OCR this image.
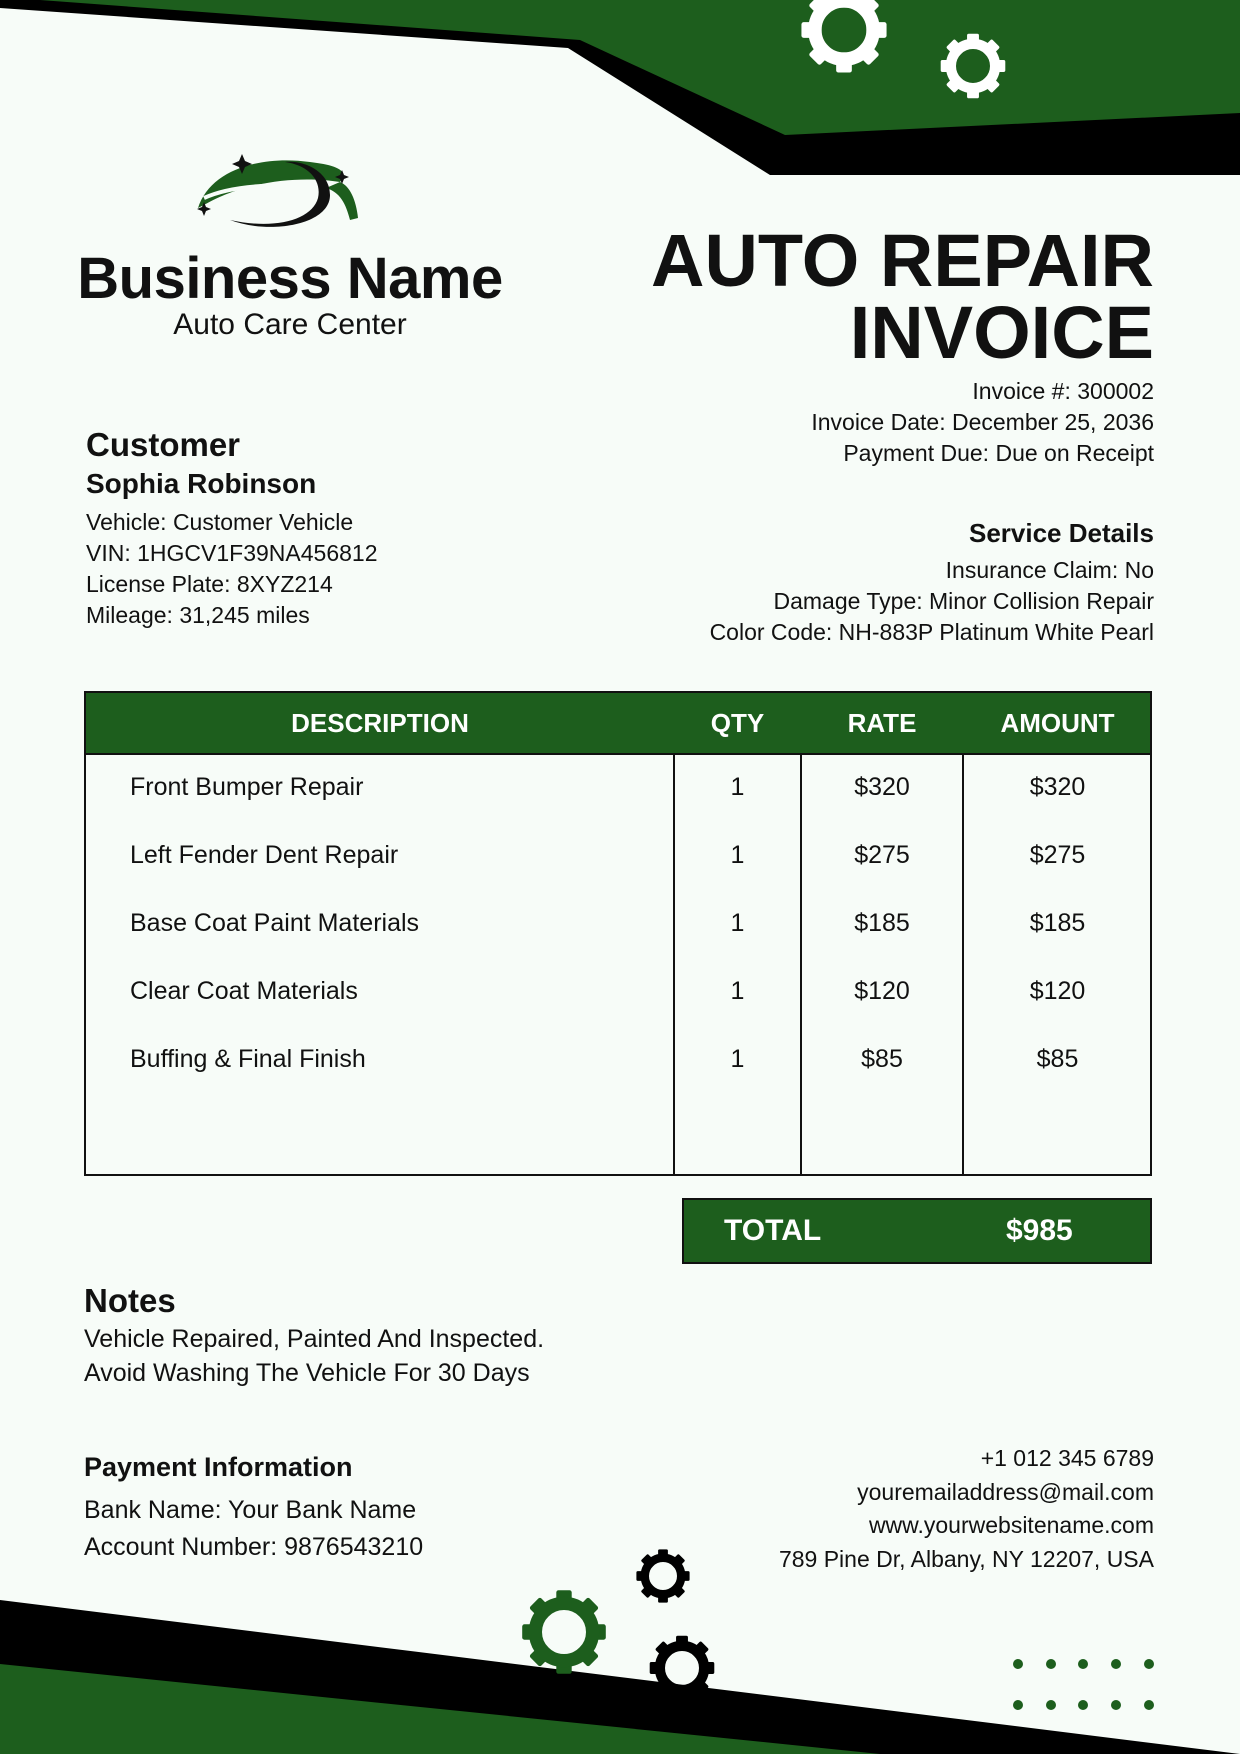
Business Name
Auto Care Center
AUTO REPAIR
INVOICE
Invoice #: 300002
Invoice Date: December 25, 2036
Payment Due: Due on Receipt
Customer
Sophia Robinson
Vehicle: Customer Vehicle
VIN: 1HGCV1F39NA456812
License Plate: 8XYZ214
Mileage: 31,245 miles
Service Details
Insurance Claim: No
Damage Type: Minor Collision Repair
Color Code: NH-883P Platinum White Pearl
DESCRIPTION	QTY	RATE	AMOUNT
Front Bumper Repair	1	$320	$320
Left Fender Dent Repair	1	$275	$275
Base Coat Paint Materials	1	$185	$185
Clear Coat Materials	1	$120	$120
Buffing & Final Finish	1	$85	$85
TOTAL	$985
Notes
Vehicle Repaired, Painted And Inspected.
Avoid Washing The Vehicle For 30 Days
Payment Information
Bank Name: Your Bank Name
Account Number: 9876543210
+1 012 345 6789
youremailaddress@mail.com
www.yourwebsitename.com
789 Pine Dr, Albany, NY 12207, USA
